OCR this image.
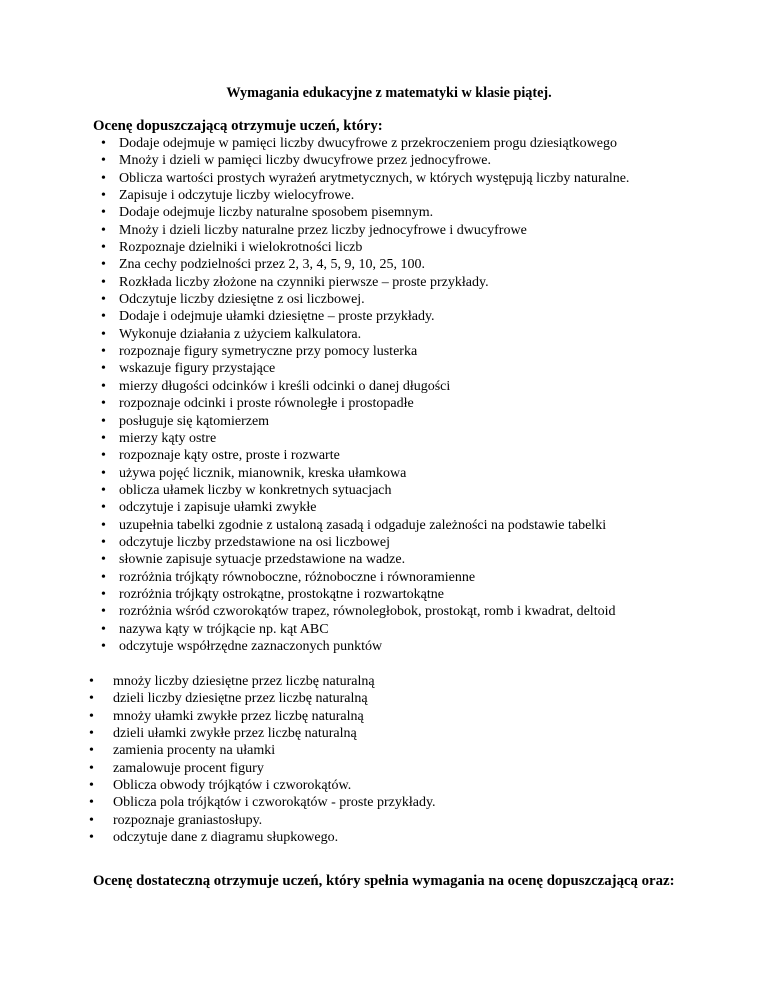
Wymagania edukacyjne z matematyki w klasie piątej.
Ocenę dopuszczającą otrzymuje uczeń, który:
• Dodaje odejmuje w pamięci liczby dwucyfrowe z przekroczeniem progu dziesiątkowego
• Mnoży i dzieli w pamięci liczby dwucyfrowe przez jednocyfrowe.
• Oblicza wartości prostych wyrażeń arytmetycznych, w których występują liczby naturalne.
• Zapisuje i odczytuje liczby wielocyfrowe.
• Dodaje odejmuje liczby naturalne sposobem pisemnym.
• Mnoży i dzieli liczby naturalne przez liczby jednocyfrowe i dwucyfrowe
• Rozpoznaje dzielniki i wielokrotności liczb
• Zna cechy podzielności przez 2, 3, 4, 5, 9, 10, 25, 100.
• Rozkłada liczby złożone na czynniki pierwsze – proste przykłady.
• Odczytuje liczby dziesiętne z osi liczbowej.
• Dodaje i odejmuje ułamki dziesiętne – proste przykłady.
• Wykonuje działania z użyciem kalkulatora.
• rozpoznaje figury symetryczne przy pomocy lusterka
• wskazuje figury przystające
• mierzy długości odcinków i kreśli odcinki o danej długości
• rozpoznaje odcinki i proste równoległe i prostopadłe
• posługuje się kątomierzem
• mierzy kąty ostre
• rozpoznaje kąty ostre, proste i rozwarte
• używa pojęć licznik, mianownik, kreska ułamkowa
• oblicza ułamek liczby w konkretnych sytuacjach
• odczytuje i zapisuje ułamki zwykłe
• uzupełnia tabelki zgodnie z ustaloną zasadą i odgaduje zależności na podstawie tabelki
• odczytuje liczby przedstawione na osi liczbowej
• słownie zapisuje sytuacje przedstawione na wadze.
• rozróżnia trójkąty równoboczne, różnoboczne i równoramienne
• rozróżnia trójkąty ostrokątne, prostokątne i rozwartokątne
• rozróżnia wśród czworokątów trapez, równoległobok, prostokąt, romb i kwadrat, deltoid
• nazywa kąty w trójkącie np. kąt ABC
• odczytuje współrzędne zaznaczonych punktów
• mnoży liczby dziesiętne przez liczbę naturalną
• dzieli liczby dziesiętne przez liczbę naturalną
• mnoży ułamki zwykłe przez liczbę naturalną
• dzieli ułamki zwykłe przez liczbę naturalną
• zamienia procenty na ułamki
• zamalowuje procent figury
• Oblicza obwody trójkątów i czworokątów.
• Oblicza pola trójkątów i czworokątów - proste przykłady.
• rozpoznaje graniastosłupy.
• odczytuje dane z diagramu słupkowego.
Ocenę dostateczną otrzymuje uczeń, który spełnia wymagania na ocenę dopuszczającą oraz:
